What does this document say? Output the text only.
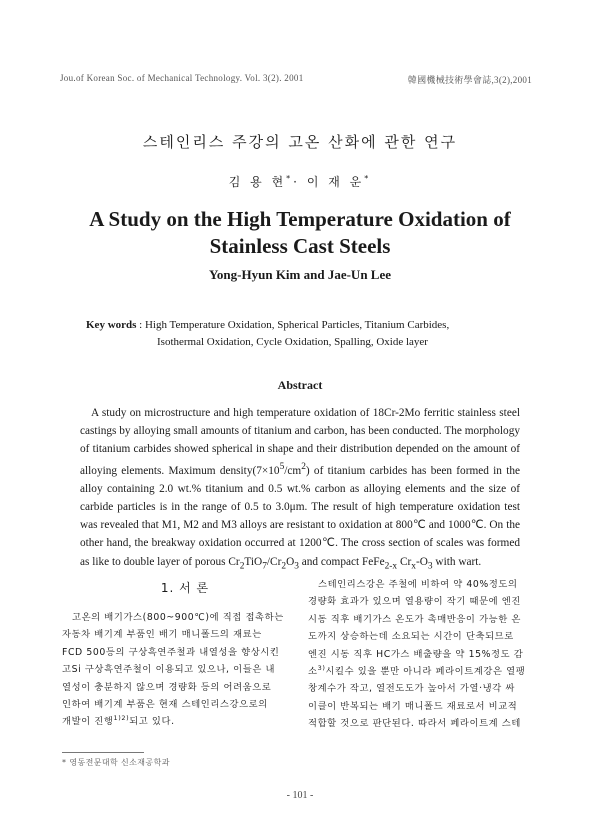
Jou.of Korean Soc. of Mechanical Technology. Vol. 3(2). 2001	韓國機械技術學會誌,3(2),2001
스테인리스 주강의 고온 산화에 관한 연구
김 용 현*· 이 재 운*
A Study on the High Temperature Oxidation of
Stainless Cast Steels
Yong-Hyun Kim and Jae-Un Lee
Key words : High Temperature Oxidation, Spherical Particles, Titanium Carbides,
Isothermal Oxidation, Cycle Oxidation, Spalling, Oxide layer
Abstract

A study on microstructure and high temperature oxidation of 18Cr-2Mo ferritic stainless steel castings by alloying small amounts of titanium and carbon, has been conducted. The morphology of titanium carbides showed spherical in shape and their distribution depended on the amount of alloying elements. Maximum $density(7\times 10^5/cm^2)$ of titanium carbides has been formed in the alloy containing 2.0 wt.% titanium and 0.5 wt.% carbon as alloying elements and the size of carbide particles is in the range of 0.5 to 3.0μm. The result of high temperature oxidation test was revealed that M1, M2 and M3 alloys are resistant to oxidation at 800℃ and 1000℃. On the other hand, the breakway oxidation occurred at 1200℃. The cross section of scales was formed as like to double layer of porous $Cr_2TiO_7/Cr_2O_3$ and compact FeFe$_{2-x}$ $Cr_x-O_3$ with wart.

1. 서 론
고온의 배기가스(800~900℃)에 직접 접촉하는
자동차 배기계 부품인 배기 매니폴드의 재료는
FCD 500등의 구상흑연주철과 내열성을 향상시킨
고Si 구상흑연주철이 이용되고 있으나, 이들은 내
열성이 충분하지 않으며 경량화 등의 어려움으로
인하여 배기계 부품은 현재 스테인리스강으로의
개발이 진행$^{1)2)}$되고 있다.
스테인리스강은 주철에 비하여 약 40%정도의
경량화 효과가 있으며 열용량이 작기 때문에 엔진
시동 직후 배기가스 온도가 촉매반응이 가능한 온
도까지 상승하는데 소요되는 시간이 단축되므로
엔진 시동 직후 HC가스 배출량을 약 15%정도 감
소$^{3)}$시킬수 있을 뿐만 아니라 페라이트계강은 열팽
창계수가 작고, 열전도도가 높아서 가열·냉각 싸
이클이 반복되는 배기 매니폴드 재료로서 비교적
적합할 것으로 판단된다. 따라서 페라이트계 스테
* 영동전문대학 신소재공학과
- 101 -
